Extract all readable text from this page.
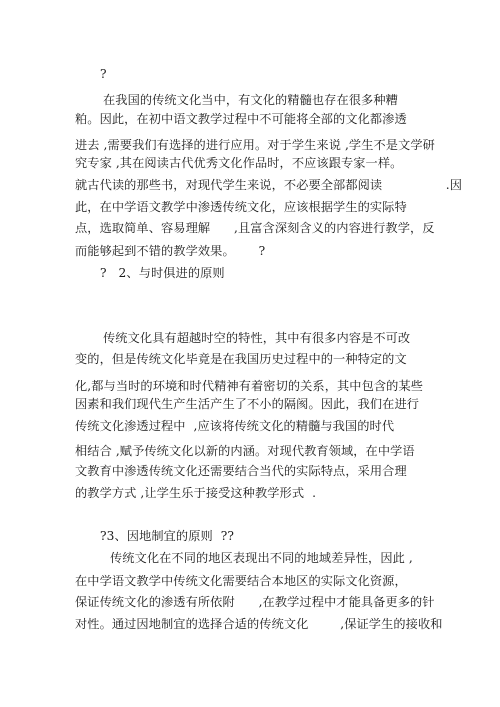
?
在我国的传统文化当中，有文化的精髓也存在很多种糟
粕。因此，在初中语文教学过程中不可能将全部的文化都渗透
进去 ,需要我们有选择的进行应用。对于学生来说 ,学生不是文学研
究专家 ,其在阅读古代优秀文化作品时，不应该跟专家一样。
就古代读的那些书，对现代学生来说，不必要全部都阅读                .因
此，在中学语文教学中渗透传统文化，应该根据学生的实际特
点，选取简单、容易理解      ,且富含深刻含义的内容进行教学，反
而能够起到不错的教学效果。      ?
?   2、与时俱进的原则
传统文化具有超越时空的特性，其中有很多内容是不可改
变的，但是传统文化毕竟是在我国历史过程中的一种特定的文
化,都与当时的环境和时代精神有着密切的关系，其中包含的某些
因素和我们现代生产生活产生了不小的隔阂。因此，我们在进行
传统文化渗透过程中  ,应该将传统文化的精髓与我国的时代
相结合 ,赋予传统文化以新的内涵。对现代教育领域，在中学语
文教育中渗透传统文化还需要结合当代的实际特点，采用合理
的教学方式 ,让学生乐于接受这种教学形式  .
?3、因地制宜的原则  ??
传统文化在不同的地区表现出不同的地域差异性，因此 ,
在中学语文教学中传统文化需要结合本地区的实际文化资源，
保证传统文化的渗透有所依附      ,在教学过程中才能具备更多的针
对性。通过因地制宜的选择合适的传统文化        ,保证学生的接收和
